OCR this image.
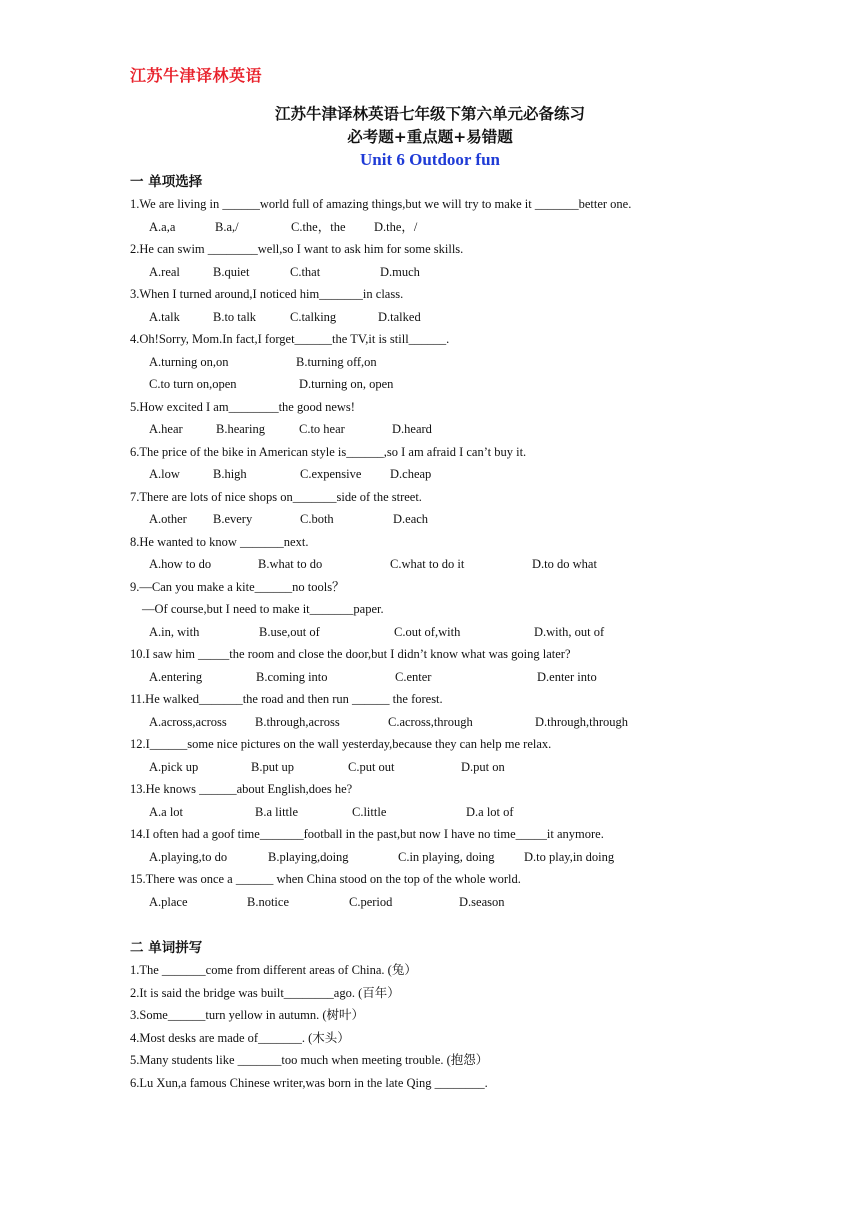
江苏牛津译林英语
江苏牛津译林英语七年级下第六单元必备练习
必考题+重点题+易错题
Unit 6 Outdoor fun
一 单项选择
1.We are living in ______world full of amazing things,but we will try to make it _______better one.
A.a,a	B.a,/	C.the，the D.the，/
2.He can swim ________well,so I want to ask him for some skills.
A.real	B.quiet	C.that	D.much
3.When I turned around,I noticed him_______in class.
A.talk	B.to talk	C.talking	D.talked
4.Oh!Sorry, Mom.In fact,I forget______the TV,it is still______.
A.turning on,on	B.turning off,on
C.to turn on,open	D.turning on, open
5.How excited I am________the good news!
A.hear	B.hearing	C.to hear	D.heard
6.The price of the bike in American style is______,so I am afraid I can’t buy it.
A.low	B.high	C.expensive D.cheap
7.There are lots of nice shops on_______side of the street.
A.other B.every	C.both	D.each
8.He wanted to know _______next.
A.how to do	B.what to do	C.what to do it	D.to do what
9.—Can you make a kite______no tools？
—Of course,but I need to make it_______paper.
A.in, with	B.use,out of	C.out of,with	D.with, out of
10.I saw him _____the room and close the door,but I didn’t know what was going later?
A.entering	B.coming into	C.enter	D.enter into
11.He walked_______the road and then run ______ the forest.
A.across,across B.through,across	C.across,through	D.through,through
12.I______some nice pictures on the wall yesterday,because they can help me relax.
A.pick up	B.put up	C.put out	D.put on
13.He knows ______about English,does he?
A.a lot	B.a little	C.little	D.a lot of
14.I often had a goof time_______football in the past,but now I have no time_____it anymore.
A.playing,to do	B.playing,doing	C.in playing, doing D.to play,in doing
15.There was once a ______ when China stood on the top of the whole world.
A.place	B.notice	C.period	D.season
二 单词拼写
1.The _______come from different areas of China. (兔）
2.It is said the bridge was built________ago. (百年）
3.Some______turn yellow in autumn. (树叶）
4.Most desks are made of_______. (木头）
5.Many students like _______too much when meeting trouble. (抱怨）
6.Lu Xun,a famous Chinese writer,was born in the late Qing ________.
